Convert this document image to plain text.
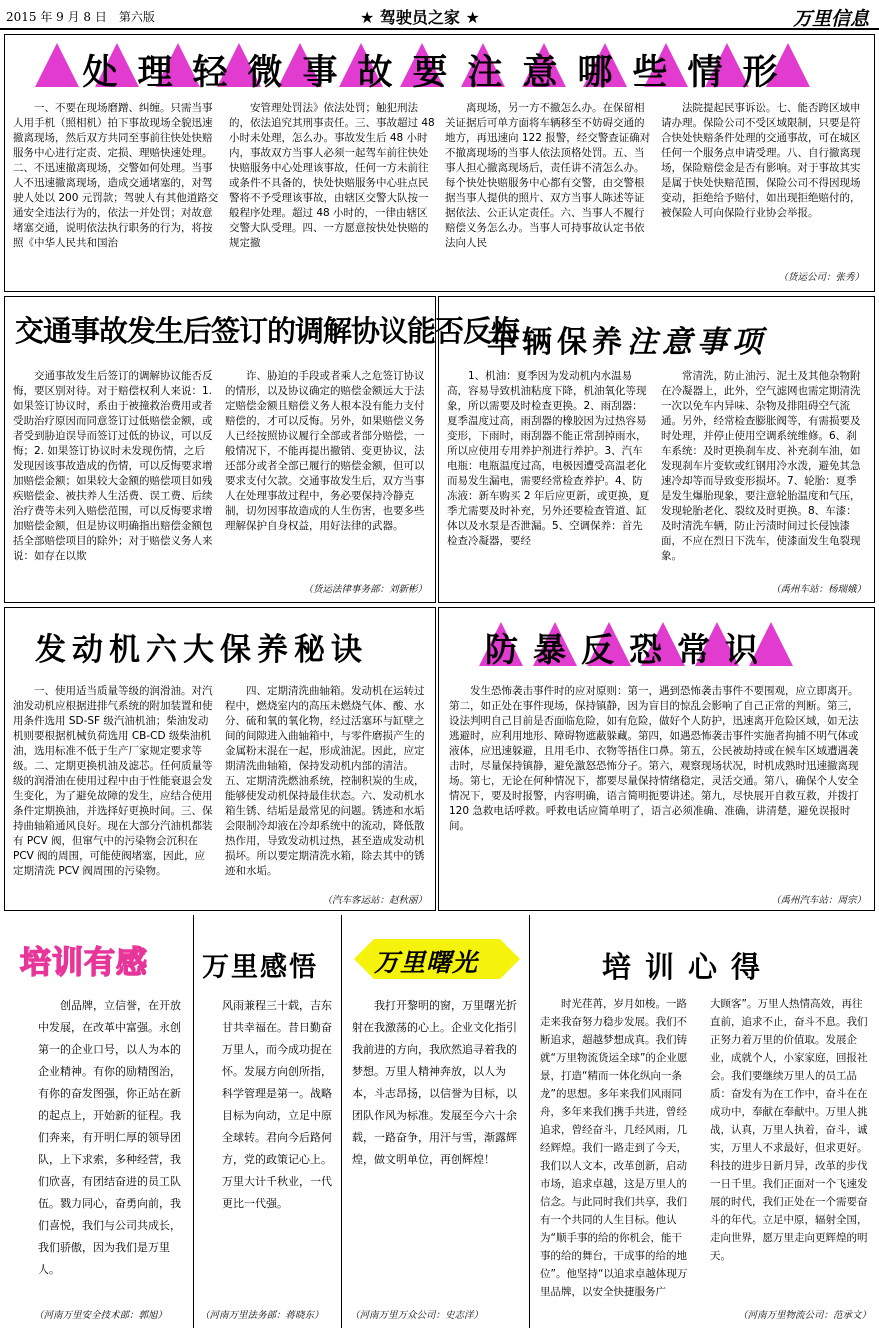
2015 年 9 月 8 日　第六版	★ 驾驶员之家 ★	万里信息
处理轻微事故要注意哪些情形

一、不要在现场磨蹭、纠缠。只需当事人用手机（照相机）拍下事故现场全貌迅速撤离现场，然后双方共同至事前往快处快赔服务中心进行定责、定损、理赔快速处理。二、不迅速撤离现场，交警如何处理。当事人不迅速撤离现场，造成交通堵塞的，对驾驶人处以 200 元罚款；驾驶人有其他道路交通安全违法行为的，依法一并处罚；对故意堵塞交通，说明依法执行职务的行为，将按照《中华人民共和国治

安管理处罚法》依法处罚；触犯刑法的，依法追究其刑事责任。三、事故超过 48 小时未处理，怎么办。事故发生后 48 小时内，事故双方当事人必须一起驾车前往快处快赔服务中心处理该事故，任何一方未前往或条件不具备的，快处快赔服务中心驻点民警将不予受理该事故，由辖区交警大队按一般程序处理。超过 48 小时的，一律由辖区交警大队受理。四、一方愿意按快处快赔的规定撤

离现场，另一方不撤怎么办。在保留相关证据后可单方面将车辆移至不妨碍交通的地方，再迅速向 122 报警，经交警查证确对不撤离现场的当事人依法顶格处罚。五、当事人担心撤离现场后，责任讲不清怎么办。每个快处快赔服务中心都有交警，由交警根据当事人提供的照片、双方当事人陈述等证据依法、公正认定责任。六、当事人不履行赔偿义务怎么办。当事人可持事故认定书依法向人民

法院提起民事诉讼。七、能否跨区域申请办理。保险公司不受区域限制，只要是符合快处快赔条件处理的交通事故，可在城区任何一个服务点申请受理。八、自行撤离现场，保险赔偿金是否有影响。对于事故其实是属于快处快赔范围，保险公司不得因现场变动，拒绝给予赔付，如出现拒绝赔付的，被保险人可向保险行业协会举报。

（货运公司：张秀）
交通事故发生后签订的调解协议能否反悔

交通事故发生后签订的调解协议能否反悔，要区别对待。对于赔偿权利人来说：1. 如果签订协议时，系由于被撞救治费用或者受助治疗原因而同意签订过低赔偿金额，或者受到胁迫误导而签订过低的协议，可以反悔；2. 如果签订协议时未发现伤情，之后发现因该事故造成的伤情，可以反悔要求增加赔偿金额；如果较大金额的赔偿项目如残疾赔偿金、被扶养人生活费、误工费、后续治疗费等未列入赔偿范围，可以反悔要求增加赔偿金额，但是协议明确指出赔偿金额包括全部赔偿项目的除外；对于赔偿义务人来说：如存在以欺

诈、胁迫的手段或者乘人之危签订协议的情形，以及协议确定的赔偿金额远大于法定赔偿金额且赔偿义务人根本没有能力支付赔偿的，才可以反悔。另外，如果赔偿义务人已经按照协议履行全部或者部分赔偿，一般情况下，不能再提出撤销、变更协议，法还部分或者全部已履行的赔偿金额，但可以要求支付欠款。交通事故发生后，双方当事人在处理事故过程中，务必要保持冷静克制，切勿因事故造成的人生伤害，也要多些理解保护自身权益，用好法律的武器。

（货运法律事务部：刘新彬）
车辆保养注意事项

1、机油：夏季因为发动机内水温易高，容易导致机油粘度下降，机油氧化等现象，所以需要及时检查更换。2、雨刮器：夏季温度过高，雨刮器的橡胶因为过热容易变形，下雨时，雨刮器不能正常刮掉雨水，所以应使用专用养护剂进行养护。3、汽车电瓶：电瓶温度过高，电极因遭受高温老化而易发生漏电，需要经常检查养护。4、防冻液：新车购买 2 年后应更新，或更换，夏季尤需要及时补充，另外还要检查管道、缸体以及水泵是否泄漏。5、空调保养：首先检查冷凝器，要经

常清洗，防止油污、泥土及其他杂物附在冷凝器上，此外，空气滤网也需定期清洗一次以免车内异味、杂物及排阻碍空气流通。另外，经常检查膨胀阀等，有需损要及时处理，并停止使用空调系统维修。6、刹车系统：及时更换刹车皮、补充刹车油，如发现刹车片变软或红钢用冷水泼，避免其急速冷却等而导致变形损坏。7、轮胎：夏季是发生爆胎现象，要注意轮胎温度和气压，发现轮胎老化、裂纹及时更换。8、车漆：及时清洗车辆，防止污渍时间过长侵蚀漆面，不应在烈日下洗车，使漆面发生龟裂现象。

（禹州车站：杨瑞娥）
发动机六大保养秘诀

一、使用适当质量等级的润滑油。对汽油发动机应根据进排气系统的附加装置和使用条件选用 SD-SF 级汽油机油；柴油发动机则要根据机械负荷选用 CB-CD 级柴油机油，选用标准不低于生产厂家规定要求等级。二、定期更换机油及滤芯。任何质量等级的润滑油在使用过程中由于性能衰退会发生变化，为了避免故障的发生，应结合使用条件定期换油，并选择好更换时间。三、保持曲轴箱通风良好。现在大部分汽油机都装有 PCV 阀，但窜气中的污染物会沉积在 PCV 阀的周围，可能使阀堵塞，因此，应定期清洗 PCV 阀周围的污染物。

四、定期清洗曲轴箱。发动机在运转过程中，燃烧室内的高压未燃烧气体、酸、水分、硫和氧的氧化物，经过活塞环与缸壁之间的间隙进入曲轴箱中，与零件磨损产生的金属粉末混在一起，形成油泥。因此，应定期清洗曲轴箱，保持发动机内部的清洁。五、定期清洗燃油系统，控制积炭的生成，能够使发动机保持最佳状态。六、发动机水箱生锈、结垢是最常见的问题。锈迹和水垢会限制冷却液在冷却系统中的流动，降低散热作用，导致发动机过热，甚至造成发动机损坏。所以要定期清洗水箱，除去其中的锈迹和水垢。

（汽车客运站：赵秋丽）
防暴反恐常识

发生恐怖袭击事件时的应对原则：第一，遇到恐怖袭击事件不要围观，应立即离开。第二，如正处在事件现场，保持镇静，因为盲目的惊乱会影响了自己正常的判断。第三，设法判明自己目前是否面临危险，如有危险，做好个人防护，迅速离开危险区域，如无法逃避时，应利用地形、障碍物遮蔽躲藏。第四，如遇恐怖袭击事件实施者拘捕不明气体或液体，应迅速躲避，且用毛巾、衣物等捂住口鼻。第五，公民被劫持或在候车区域遭遇袭击时，尽量保持镇静，避免激怒恐怖分子。第六，观察现场状况，时机成熟时迅速撤离现场。第七，无论在何种情况下，都要尽量保持情绪稳定，灵活交通。第八，确保个人安全情况下，要及时报警，内容明确，语言简明扼要讲述。第九，尽快展开自救互救，并拨打 120 急救电话呼救。呼救电话应简单明了，语言必须准确、准确，讲清楚，避免误报时间。

（禹州汽车站：周宗）
培训有感

创品牌，立信誉，在开放中发展，在改革中富强。永创第一的企业口号，以人为本的企业精神。有你的励精图治，有你的奋发图强，你正站在新的起点上，开始新的征程。我们奔来，有开明仁厚的领导团队，上下求索，多种经营，我们欣喜，有团结奋进的员工队伍。戮力同心，奋勇向前，我们喜悦，我们与公司共成长，我们骄傲，因为我们是万里人。

（河南万里安全技术部：郭旭）
万里感悟

风雨兼程三十载，吉东甘共幸福在。昔日勤奋万里人，而今成功捉在怀。发展方向创所指，科学管理是第一。战略目标为向动，立足中原全球转。君向今后路何方，党的政策记心上。万里大计千秋业，一代更比一代强。

（河南万里法务部：蒋晓东）
万里曙光

我打开黎明的窗，万里曙光折射在我激荡的心上。企业文化指引我前进的方向，我欣然追寻着我的梦想。万里人精神奔放，以人为本，斗志昂扬，以信誉为目标，以团队作风为标准。发展至今六十余载，一路奋争，用汗与雪，渐露辉煌，做文明单位，再创辉煌！

（河南万里万众公司：史志洋）
培训心得

时光荏苒，岁月如梭。一路走来我奋努力稳步发展。我们不断追求，超越梦想成真。我们铸就“万里物流货运全球”的企业愿景，打造“精而一体化纵向一条龙”的思想。多年来我们风雨同舟，多年来我们携手共进，曾经追求，曾经奋斗，几经风雨，几经辉煌。我们一路走到了今天，我们以人文本，改革创新，启动市场，追求卓越，这是万里人的信念。与此同时我们共享，我们有一个共同的人生目标。他认为“顺手事的给的你机会，能干事的给的舞台，干成事的给的地位”。他坚持“以追求卓越体现万里品牌，以安全快捷服务广

大顾客”。万里人热情高效，再往直前，追求不止，奋斗不息。我们正努力着万里的价值取。发展企业，成就个人，小家家庭，回报社会。我们要继续万里人的员工品质：奋发有为在工作中，奋斗在在成功中，奉献在奉献中。万里人挑战，认真，万里人执着，奋斗，诚实，万里人不求最好，但求更好。科技的进步日新月异，改革的步伐一日千里。我们正面对一个飞速发展的时代，我们正处在一个需要奋斗的年代。立足中原，辐射全国，走向世界，愿万里走向更辉煌的明天。

（河南万里物流公司：范承文）
